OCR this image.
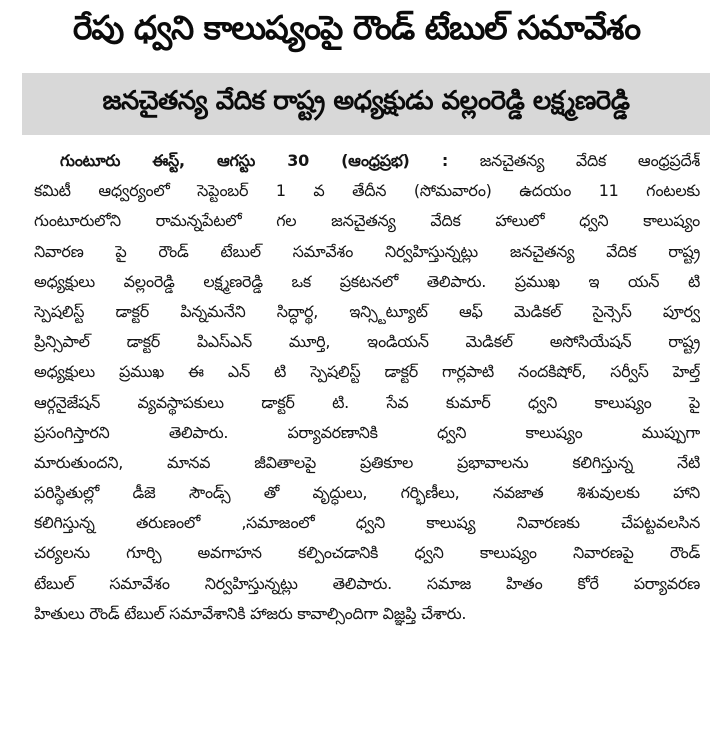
రేపు ధ్వని కాలుష్యంపై రౌండ్ టేబుల్ సమావేశం
జనచైతన్య వేదిక రాష్ట్ర అధ్యక్షుడు వల్లంరెడ్డి లక్ష్మణరెడ్డి
గుంటూరు ఈస్ట్, ఆగస్టు 30 (ఆంధ్రప్రభ) : జనచైతన్య వేదిక ఆంధ్రప్రదేశ్
కమిటీ ఆధ్వర్యంలో సెప్టెంబర్ 1 వ తేదీన (సోమవారం) ఉదయం 11 గంటలకు
గుంటూరులోని రామన్నపేటలో గల జనచైతన్య వేదిక హాలులో ధ్వని కాలుష్యం
నివారణ పై రౌండ్ టేబుల్ సమావేశం నిర్వహిస్తున్నట్లు జనచైతన్య వేదిక రాష్ట్ర
అధ్యక్షులు వల్లంరెడ్డి లక్ష్మణరెడ్డి ఒక ప్రకటనలో తెలిపారు. ప్రముఖ ఇ యన్ టి
స్పెషలిస్ట్ డాక్టర్ పిన్నమనేని సిద్ధార్థ, ఇన్స్టిట్యూట్ ఆఫ్ మెడికల్ సైన్సెస్ పూర్వ
ప్రిన్సిపాల్ డాక్టర్ పిఎస్ఎన్ మూర్తి, ఇండియన్ మెడికల్ అసోసియేషన్ రాష్ట్ర
అధ్యక్షులు ప్రముఖ ఈ ఎన్ టి స్పెషలిస్ట్ డాక్టర్ గార్లపాటి నందకిషోర్, సర్వీస్ హెల్త్
ఆర్గనైజేషన్ వ్యవస్థాపకులు డాక్టర్ టి. సేవ కుమార్ ధ్వని కాలుష్యం పై
ప్రసంగిస్తారని తెలిపారు. పర్యావరణానికి ధ్వని కాలుష్యం ముప్పుగా
మారుతుందని, మానవ జీవితాలపై ప్రతికూల ప్రభావాలను కలిగిస్తున్న నేటి
పరిస్థితుల్లో డీజె సౌండ్స్ తో వృద్ధులు, గర్భిణీలు, నవజాత శిశువులకు హాని
కలిగిస్తున్న తరుణంలో ,సమాజంలో ధ్వని కాలుష్య నివారణకు చేపట్టవలసిన
చర్యలను గూర్చి అవగాహన కల్పించడానికి ధ్వని కాలుష్యం నివారణపై రౌండ్
టేబుల్ సమావేశం నిర్వహిస్తున్నట్లు తెలిపారు. సమాజ హితం కోరే పర్యావరణ
హితులు రౌండ్ టేబుల్ సమావేశానికి హాజరు కావాల్సిందిగా విజ్ఞప్తి చేశారు.
